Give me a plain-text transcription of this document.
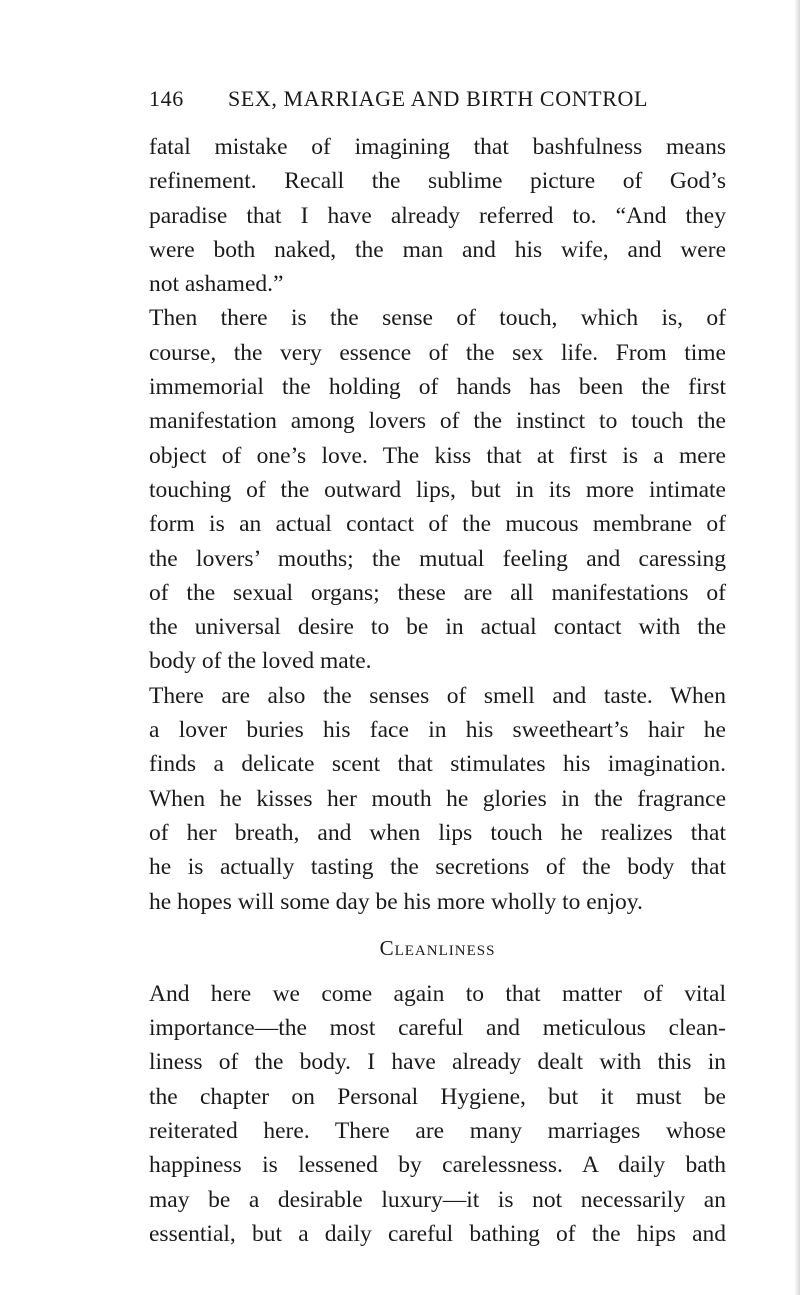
146 SEX, MARRIAGE AND BIRTH CONTROL
fatal mistake of imagining that bashfulness means
refinement. Recall the sublime picture of God’s
paradise that I have already referred to. “And they
were both naked, the man and his wife, and were
not ashamed.”
Then there is the sense of touch, which is, of
course, the very essence of the sex life. From time
immemorial the holding of hands has been the first
manifestation among lovers of the instinct to touch the
object of one’s love. The kiss that at first is a mere
touching of the outward lips, but in its more intimate
form is an actual contact of the mucous membrane of
the lovers’ mouths; the mutual feeling and caressing
of the sexual organs; these are all manifestations of
the universal desire to be in actual contact with the
body of the loved mate.
There are also the senses of smell and taste. When
a lover buries his face in his sweetheart’s hair he
finds a delicate scent that stimulates his imagination.
When he kisses her mouth he glories in the fragrance
of her breath, and when lips touch he realizes that
he is actually tasting the secretions of the body that
he hopes will some day be his more wholly to enjoy.
Cleanliness
And here we come again to that matter of vital
importance—the most careful and meticulous clean-
liness of the body. I have already dealt with this in
the chapter on Personal Hygiene, but it must be
reiterated here. There are many marriages whose
happiness is lessened by carelessness. A daily bath
may be a desirable luxury—it is not necessarily an
essential, but a daily careful bathing of the hips and
